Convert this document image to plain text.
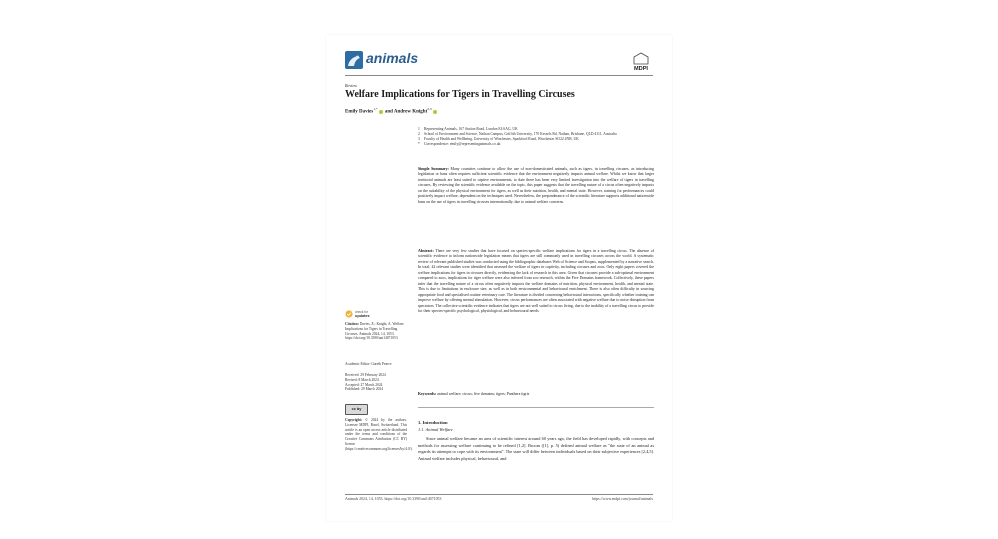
animals
MDPI
Review
Welfare Implications for Tigers in Travelling Circuses
Emily Davies$^{1,*}$ and Andrew Knight$^{2,3}$
1 Representing Animals, 167 Station Road, London E4 6AG, UK
2 School of Environment and Science, Nathan Campus, Griffith University, 170 Kessels Rd, Nathan, Brisbane, QLD 4111, Australia
3 Faculty of Health and Wellbeing, University of Winchester, Sparkford Road, Winchester SO22 4NR, UK
* Correspondence: emily@representinganimals.co.uk
Simple Summary: Many countries continue to allow the use of non-domesticated animals, such as tigers, in travelling circuses, as introducing legislation or bans often requires sufficient scientific evidence that the environment negatively impacts animal welfare. Whilst we know that larger territorial animals are least suited to captive environments, to date there has been very limited investigation into the welfare of tigers in travelling circuses. By reviewing the scientific evidence available on the topic, this paper suggests that the travelling nature of a circus often negatively impacts on the suitability of the physical environment for tigers, as well as their nutrition, health, and mental state. However, training for performances could positively impact welfare, dependent on the techniques used. Nevertheless, the preponderance of the scientific literature supports additional nationwide bans on the use of tigers in travelling circuses internationally, due to animal welfare concerns.
Abstract: There are very few studies that have focused on species-specific welfare implications for tigers in a travelling circus. The absence of scientific evidence to inform nationwide legislation means that tigers are still commonly used in travelling circuses across the world. A systematic review of relevant published studies was conducted using the bibliographic databases Web of Science and Scopus, supplemented by a narrative search. In total, 42 relevant studies were identified that assessed the welfare of tigers in captivity, including circuses and zoos. Only eight papers covered the welfare implications for tigers in circuses directly, evidencing the lack of research in this area. Given that circuses provide a sub-optimal environment compared to zoos, implications for tiger welfare were also inferred from zoo research, within the Five Domains framework. Collectively, these papers infer that the travelling nature of a circus often negatively impacts the welfare domains of nutrition, physical environment, health, and mental state. This is due to limitations in enclosure size, as well as in both environmental and behavioural enrichment. There is also often difficulty in sourcing appropriate food and specialised routine veterinary care. The literature is divided concerning behavioural interactions, specifically whether training can improve welfare by offering mental stimulation. However, circus performances are often associated with negative welfare due to noise disruption from spectators. The collective scientific evidence indicates that tigers are not well suited to circus living, due to the inability of a travelling circus to provide for their species-specific psychological, physiological, and behavioural needs.
Keywords: animal welfare; circus; five domains; tigers; Panthera tigris
check for
updates
Citation: Davies, E.; Knight, A. Welfare Implications for Tigers in Travelling Circuses. Animals 2024, 14, 1053. https://doi.org/10.3390/ani14071053
Academic Editor: Gareth Pearce
Received: 29 February 2024
Revised: 8 March 2024
Accepted: 27 March 2024
Published: 29 March 2024
cc by
Copyright: © 2024 by the authors. Licensee MDPI, Basel, Switzerland. This article is an open access article distributed under the terms and conditions of the Creative Commons Attribution (CC BY) license (https://creativecommons.org/licenses/by/4.0/).
1. Introduction
1.1. Animal Welfare
Since animal welfare became an area of scientific interest around 60 years ago, the field has developed rapidly, with concepts and methods for assessing welfare continuing to be refined [1,2]. Broom ([1], p. 5) defined animal welfare as "the state of an animal as regards its attempts to cope with its environment". The state will differ between individuals based on their subjective experiences [2,4,5]. Animal welfare includes physical, behavioural, and
Animals 2024, 14, 1053. https://doi.org/10.3390/ani14071053	https://www.mdpi.com/journal/animals
